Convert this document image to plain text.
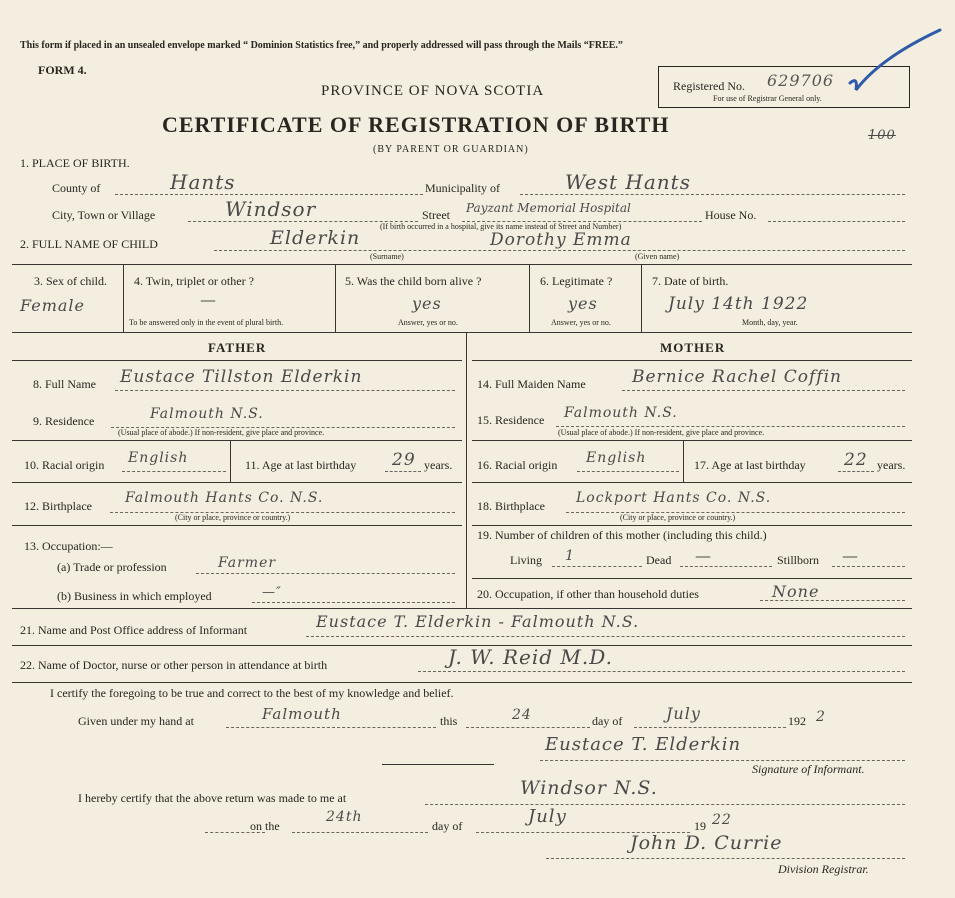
This form if placed in an unsealed envelope marked “ Dominion Statistics free,” and properly addressed will pass through the Mails “FREE.”
FORM 4.
PROVINCE OF NOVA SCOTIA	Registered No. 629706
For use of Registrar General only.
CERTIFICATE OF REGISTRATION OF BIRTH
(BY PARENT OR GUARDIAN)
100
1. PLACE OF BIRTH.
County of	Hants	Municipality of	West Hants
City, Town or Village	Windsor	Street Payzant Memorial Hospital	House No.
(If birth occurred in a hospital, give its name instead of Street and Number)
2. FULL NAME OF CHILD	Elderkin	Dorothy Emma
(Surname)	(Given name)
3. Sex of child.
Female
4. Twin, triplet or other ?
—
To be answered only in the event of plural birth.
5. Was the child born alive ?
yes
Answer, yes or no.
6. Legitimate ?
yes
Answer, yes or no.
7. Date of birth.
July 14th 1922
Month, day, year.
FATHER	MOTHER
8. Full Name Eustace Tillston Elderkin
9. Residence	Falmouth N.S.
(Usual place of abode.) If non-resident, give place and province.
10. Racial origin English	11. Age at last birthday 29 years.
12. Birthplace Falmouth Hants Co. N.S.
(City or place, province or country.)
13. Occupation:—
(a) Trade or profession	Farmer
(b) Business in which employed	—″
14. Full Maiden Name	Bernice Rachel Coffin
15. Residence Falmouth N.S.
(Usual place of abode.) If non-resident, give place and province.
16. Racial origin English	17. Age at last birthday 22 years.
18. Birthplace Lockport Hants Co. N.S.
(City or place, province or country.)
19. Number of children of this mother (including this child.)
Living 1	Dead —	Stillborn —
20. Occupation, if other than household duties	None
21. Name and Post Office address of Informant	Eustace T. Elderkin - Falmouth N.S.
22. Name of Doctor, nurse or other person in attendance at birth	J. W. Reid M.D.
I certify the foregoing to be true and correct to the best of my knowledge and belief.
Given under my hand at	Falmouth	this	24	day of	July	192 2
Eustace T. Elderkin
Signature of Informant.
I hereby certify that the above return was made to me at	Windsor N.S.
on the
24th
day of	July	19 22
John D. Currie
Division Registrar.
